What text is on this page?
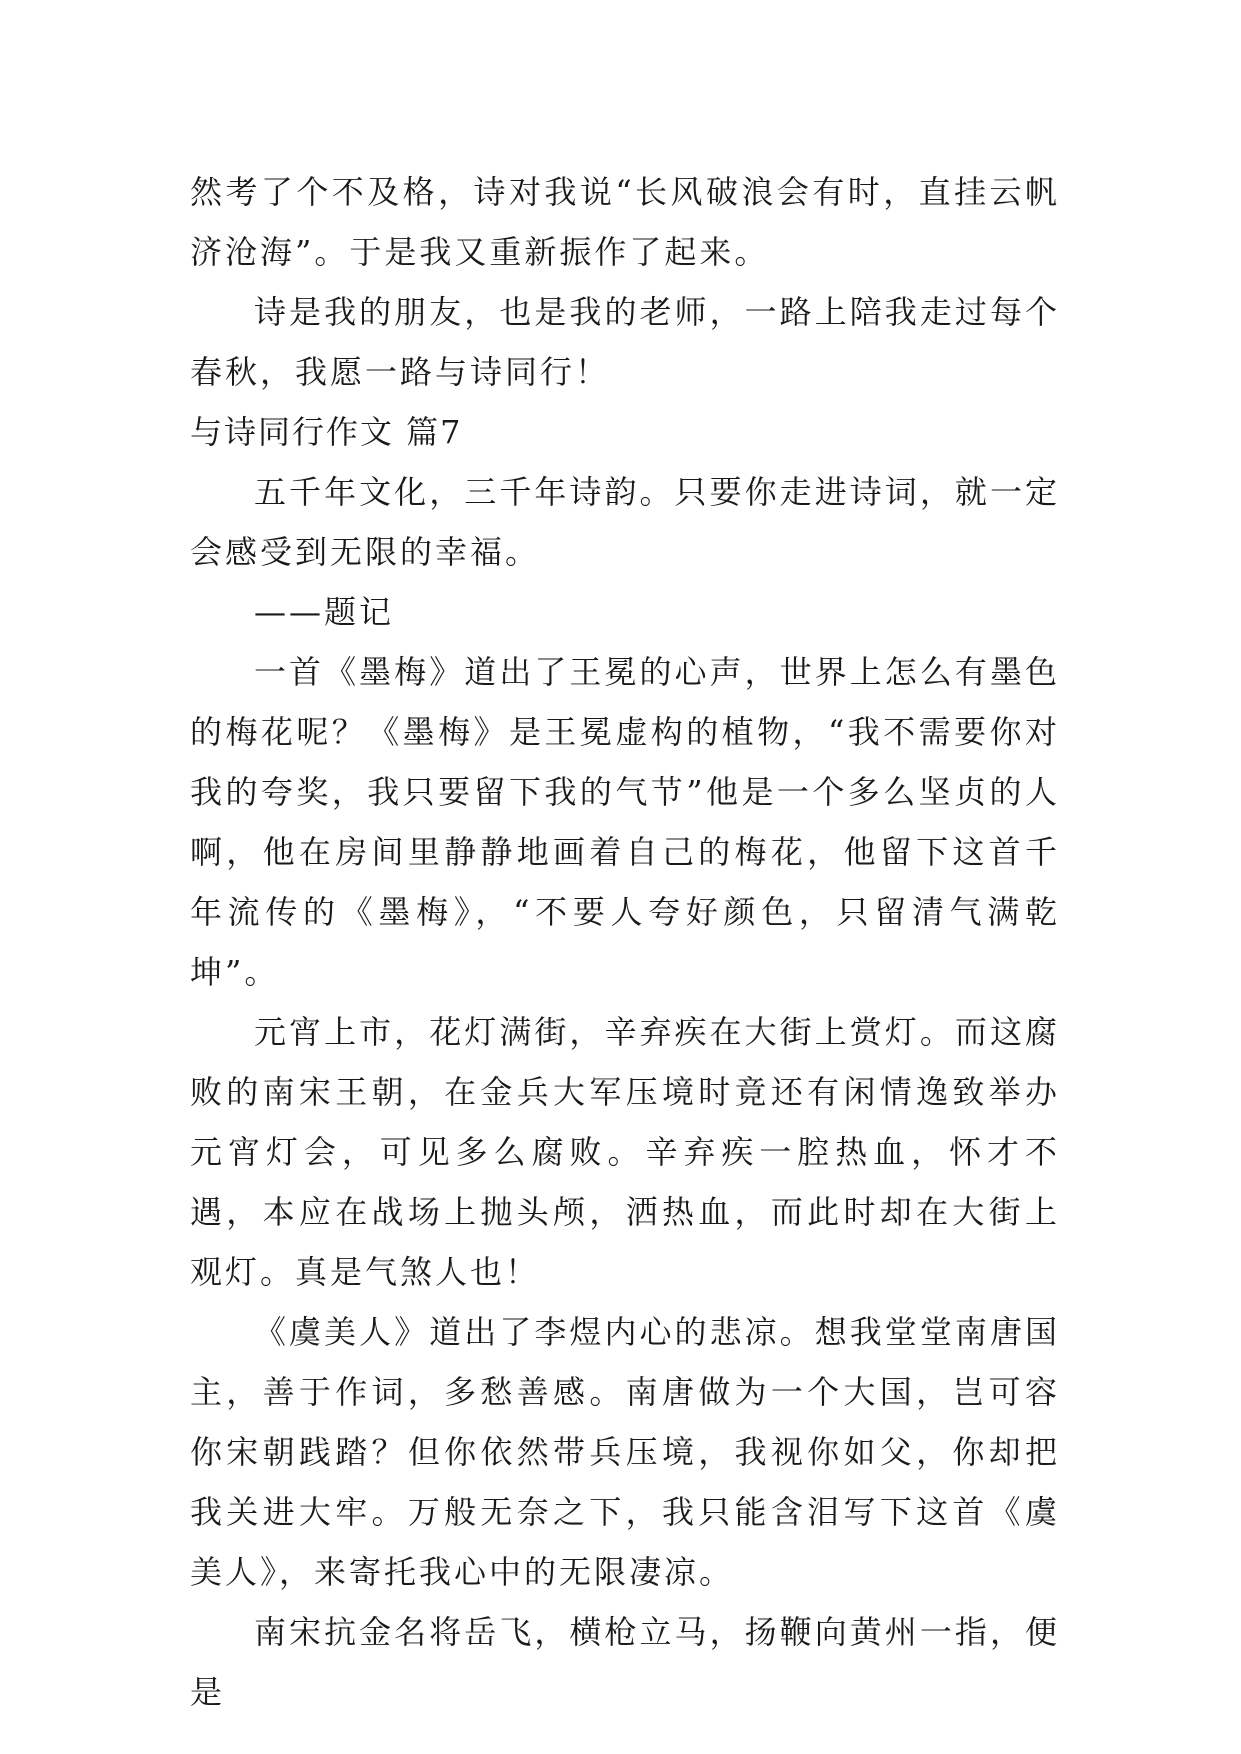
然考了个不及格，诗对我说“长风破浪会有时，直挂云帆济沧海”。于是我又重新振作了起来。

诗是我的朋友，也是我的老师，一路上陪我走过每个春秋，我愿一路与诗同行！

与诗同行作文 篇7

五千年文化，三千年诗韵。只要你走进诗词，就一定会感受到无限的幸福。

——题记

一首《墨梅》道出了王冕的心声，世界上怎么有墨色的梅花呢？《墨梅》是王冕虚构的植物，“我不需要你对我的夸奖，我只要留下我的气节”他是一个多么坚贞的人啊，他在房间里静静地画着自己的梅花，他留下这首千年流传的《墨梅》，“不要人夸好颜色，只留清气满乾坤”。

元宵上市，花灯满街，辛弃疾在大街上赏灯。而这腐败的南宋王朝，在金兵大军压境时竟还有闲情逸致举办元宵灯会，可见多么腐败。辛弃疾一腔热血，怀才不遇，本应在战场上抛头颅，洒热血，而此时却在大街上观灯。真是气煞人也！

《虞美人》道出了李煜内心的悲凉。想我堂堂南唐国主，善于作词，多愁善感。南唐做为一个大国，岂可容你宋朝践踏？但你依然带兵压境，我视你如父，你却把我关进大牢。万般无奈之下，我只能含泪写下这首《虞美人》，来寄托我心中的无限凄凉。

南宋抗金名将岳飞，横枪立马，扬鞭向黄州一指，便是
